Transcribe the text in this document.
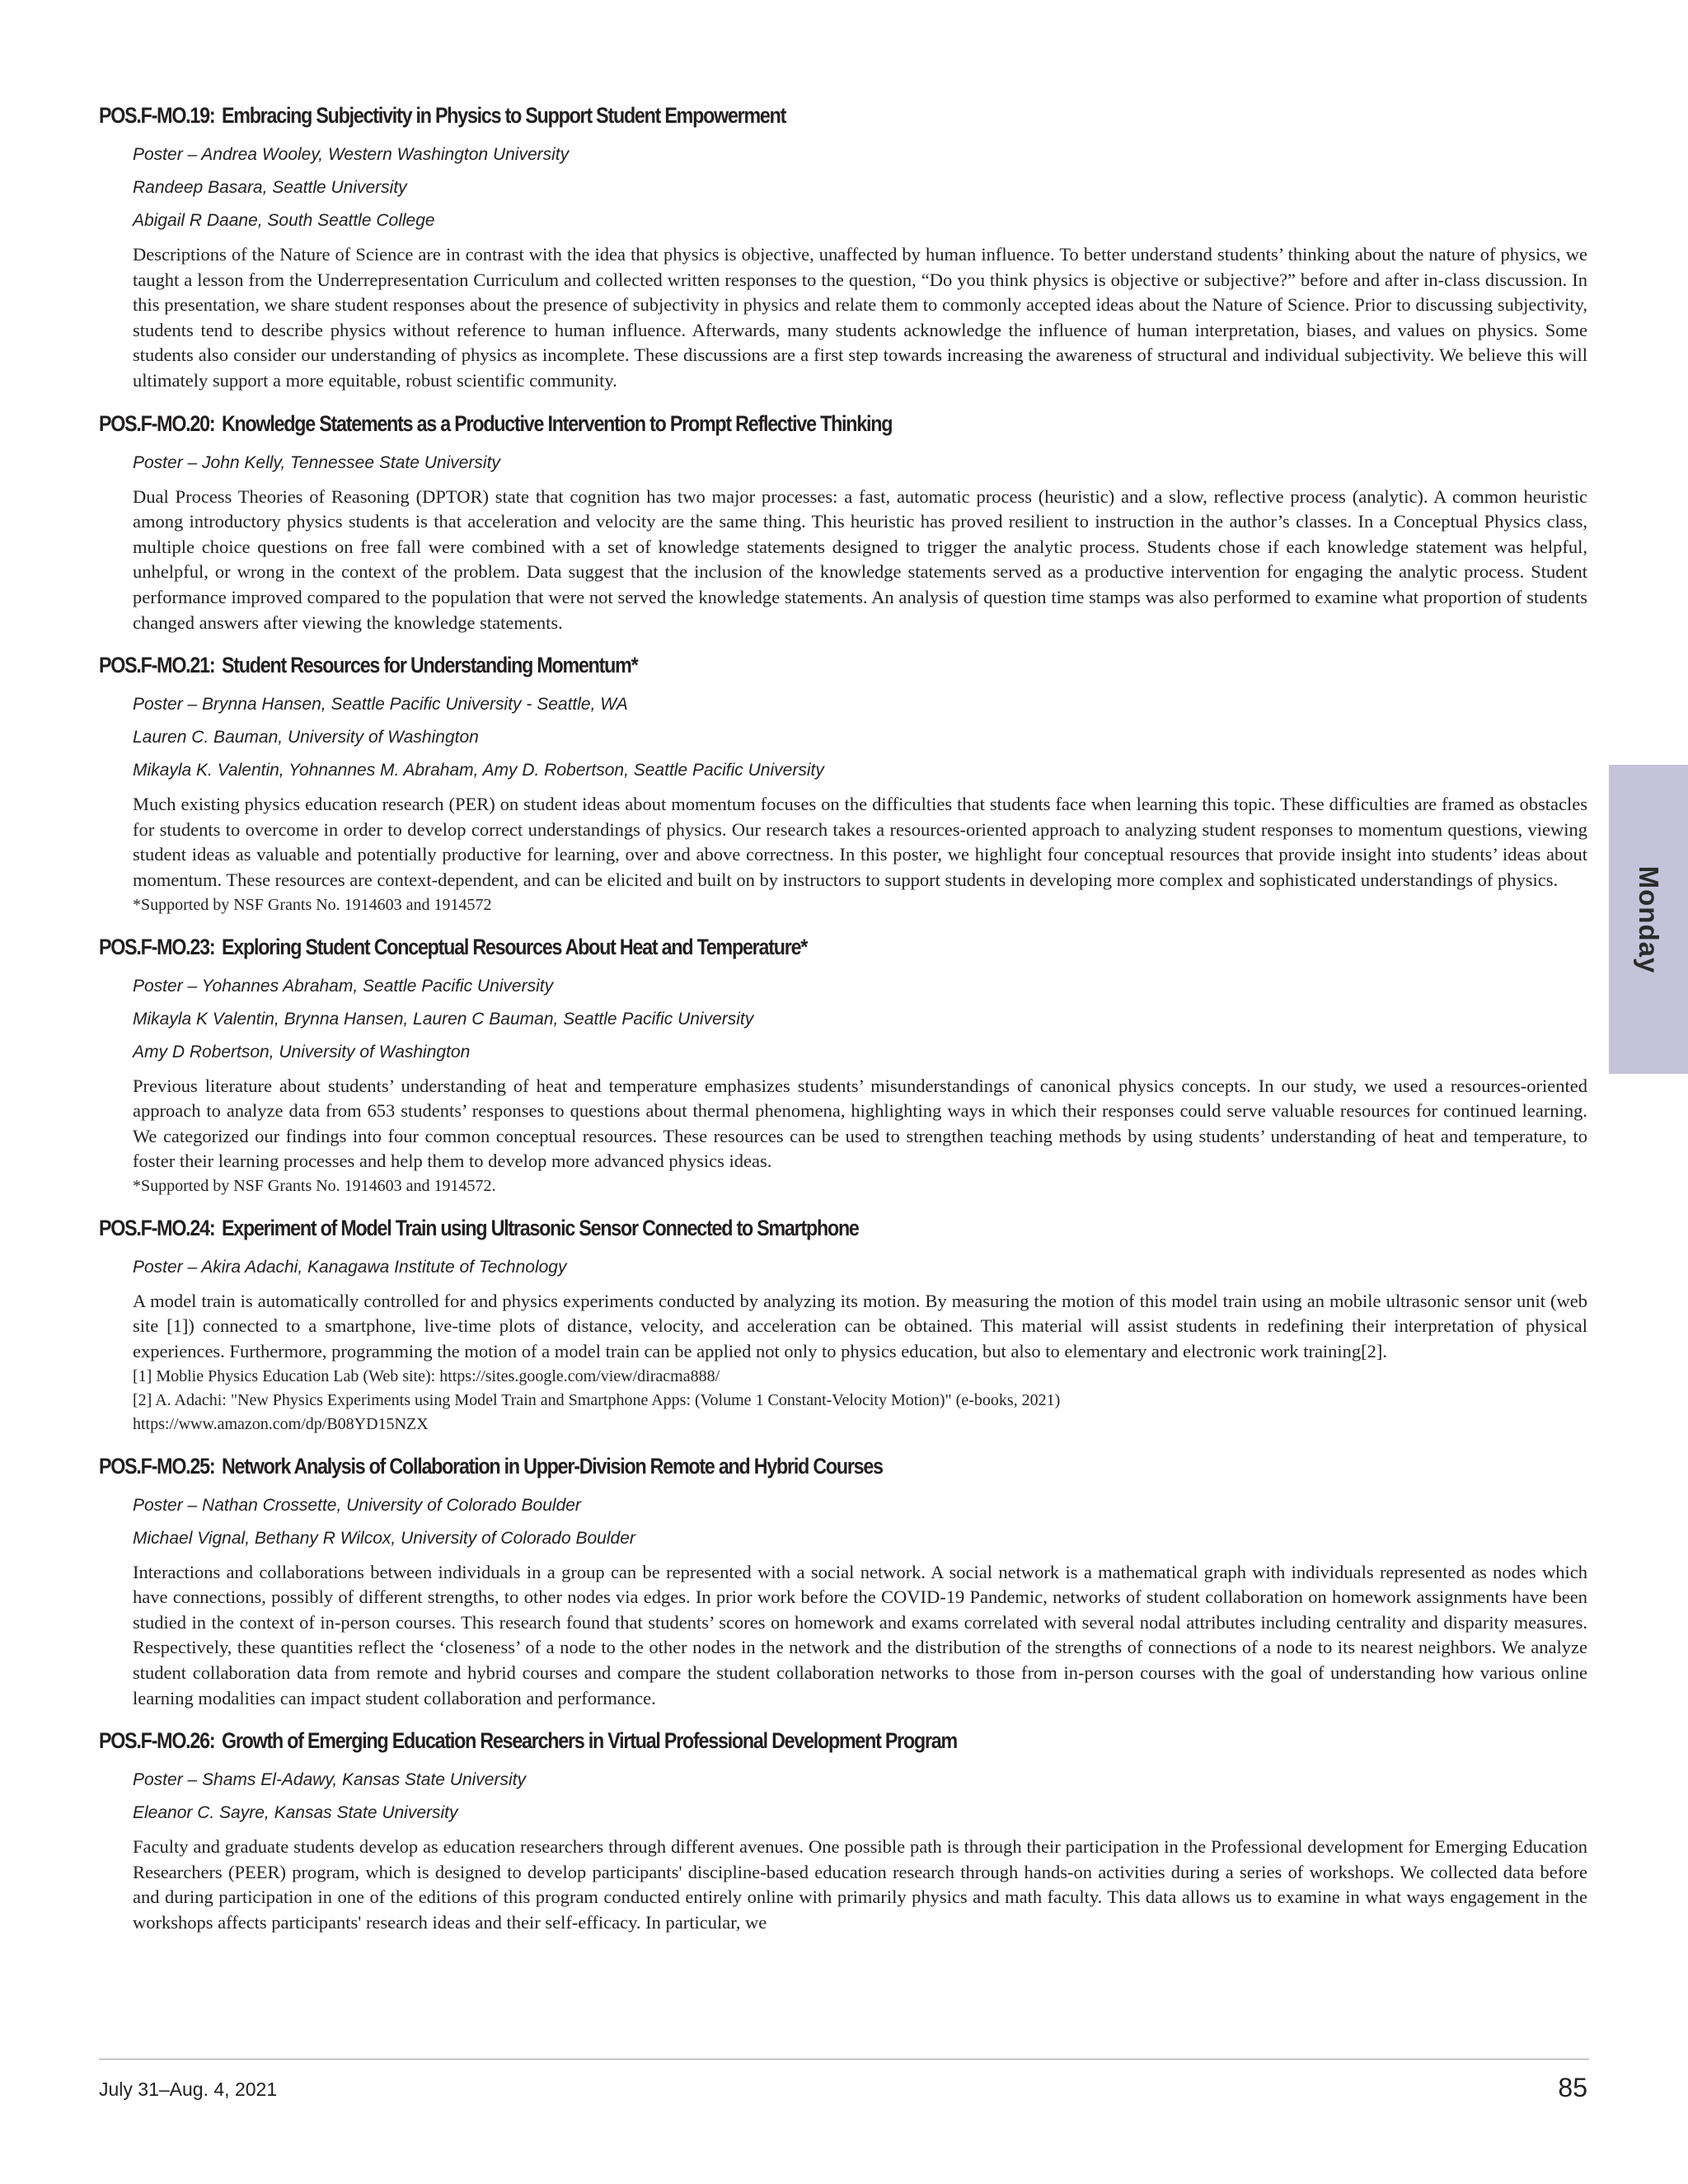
POS.F-MO.19: Embracing Subjectivity in Physics to Support Student Empowerment
Poster – Andrea Wooley, Western Washington University
Randeep Basara, Seattle University
Abigail R Daane, South Seattle College
Descriptions of the Nature of Science are in contrast with the idea that physics is objective, unaffected by human influence. To better understand students’ thinking about the nature of physics, we taught a lesson from the Underrepresentation Curriculum and collected written responses to the question, “Do you think physics is objective or subjective?” before and after in-class discussion. In this presentation, we share student responses about the presence of subjectivity in physics and relate them to commonly accepted ideas about the Nature of Science. Prior to discussing subjectivity, students tend to describe physics without reference to human influence. Afterwards, many students acknowledge the influence of human interpretation, biases, and values on physics. Some students also consider our understanding of physics as incomplete. These discussions are a first step towards increasing the awareness of structural and individual subjectivity. We believe this will ultimately support a more equitable, robust scientific community.
POS.F-MO.20: Knowledge Statements as a Productive Intervention to Prompt Reflective Thinking
Poster – John Kelly, Tennessee State University
Dual Process Theories of Reasoning (DPTOR) state that cognition has two major processes: a fast, automatic process (heuristic) and a slow, reflective process (analytic). A common heuristic among introductory physics students is that acceleration and velocity are the same thing. This heuristic has proved resilient to instruction in the author’s classes. In a Conceptual Physics class, multiple choice questions on free fall were combined with a set of knowledge statements designed to trigger the analytic process. Students chose if each knowledge statement was helpful, unhelpful, or wrong in the context of the problem. Data suggest that the inclusion of the knowledge statements served as a productive intervention for engaging the analytic process. Student performance improved compared to the population that were not served the knowledge statements. An analysis of question time stamps was also performed to examine what proportion of students changed answers after viewing the knowledge statements.
POS.F-MO.21: Student Resources for Understanding Momentum*
Poster – Brynna Hansen, Seattle Pacific University - Seattle, WA
Lauren C. Bauman, University of Washington
Mikayla K. Valentin, Yohnannes M. Abraham, Amy D. Robertson, Seattle Pacific University
Much existing physics education research (PER) on student ideas about momentum focuses on the difficulties that students face when learning this topic. These difficulties are framed as obstacles for students to overcome in order to develop correct understandings of physics. Our research takes a resources-oriented approach to analyzing student responses to momentum questions, viewing student ideas as valuable and potentially productive for learning, over and above correctness. In this poster, we highlight four conceptual resources that provide insight into students’ ideas about momentum. These resources are context-dependent, and can be elicited and built on by instructors to support students in developing more complex and sophisticated understandings of physics.
*Supported by NSF Grants No. 1914603 and 1914572
POS.F-MO.23: Exploring Student Conceptual Resources About Heat and Temperature*
Poster – Yohannes Abraham, Seattle Pacific University
Mikayla K Valentin, Brynna Hansen, Lauren C Bauman, Seattle Pacific University
Amy D Robertson, University of Washington
Previous literature about students’ understanding of heat and temperature emphasizes students’ misunderstandings of canonical physics concepts. In our study, we used a resources-oriented approach to analyze data from 653 students’ responses to questions about thermal phenomena, highlighting ways in which their responses could serve valuable resources for continued learning. We categorized our findings into four common conceptual resources. These resources can be used to strengthen teaching methods by using students’ understanding of heat and temperature, to foster their learning processes and help them to develop more advanced physics ideas.
*Supported by NSF Grants No. 1914603 and 1914572.
POS.F-MO.24: Experiment of Model Train using Ultrasonic Sensor Connected to Smartphone
Poster – Akira Adachi, Kanagawa Institute of Technology
A model train is automatically controlled for and physics experiments conducted by analyzing its motion. By measuring the motion of this model train using an mobile ultrasonic sensor unit (web site [1]) connected to a smartphone, live-time plots of distance, velocity, and acceleration can be obtained. This material will assist students in redefining their interpretation of physical experiences. Furthermore, programming the motion of a model train can be applied not only to physics education, but also to elementary and electronic work training[2].
[1] Moblie Physics Education Lab (Web site): https://sites.google.com/view/diracma888/
[2] A. Adachi: "New Physics Experiments using Model Train and Smartphone Apps: (Volume 1 Constant-Velocity Motion)" (e-books, 2021)
https://www.amazon.com/dp/B08YD15NZX
POS.F-MO.25: Network Analysis of Collaboration in Upper-Division Remote and Hybrid Courses
Poster – Nathan Crossette, University of Colorado Boulder
Michael Vignal, Bethany R Wilcox, University of Colorado Boulder
Interactions and collaborations between individuals in a group can be represented with a social network. A social network is a mathematical graph with individuals represented as nodes which have connections, possibly of different strengths, to other nodes via edges. In prior work before the COVID-19 Pandemic, networks of student collaboration on homework assignments have been studied in the context of in-person courses. This research found that students’ scores on homework and exams correlated with several nodal attributes including centrality and disparity measures. Respectively, these quantities reflect the ‘closeness’ of a node to the other nodes in the network and the distribution of the strengths of connections of a node to its nearest neighbors. We analyze student collaboration data from remote and hybrid courses and compare the student collaboration networks to those from in-person courses with the goal of understanding how various online learning modalities can impact student collaboration and performance.
POS.F-MO.26: Growth of Emerging Education Researchers in Virtual Professional Development Program
Poster – Shams El-Adawy, Kansas State University
Eleanor C. Sayre, Kansas State University
Faculty and graduate students develop as education researchers through different avenues. One possible path is through their participation in the Professional development for Emerging Education Researchers (PEER) program, which is designed to develop participants' discipline-based education research through hands-on activities during a series of workshops. We collected data before and during participation in one of the editions of this program conducted entirely online with primarily physics and math faculty. This data allows us to examine in what ways engagement in the workshops affects participants' research ideas and their self-efficacy. In particular, we
Monday
July 31–Aug. 4, 2021	85
